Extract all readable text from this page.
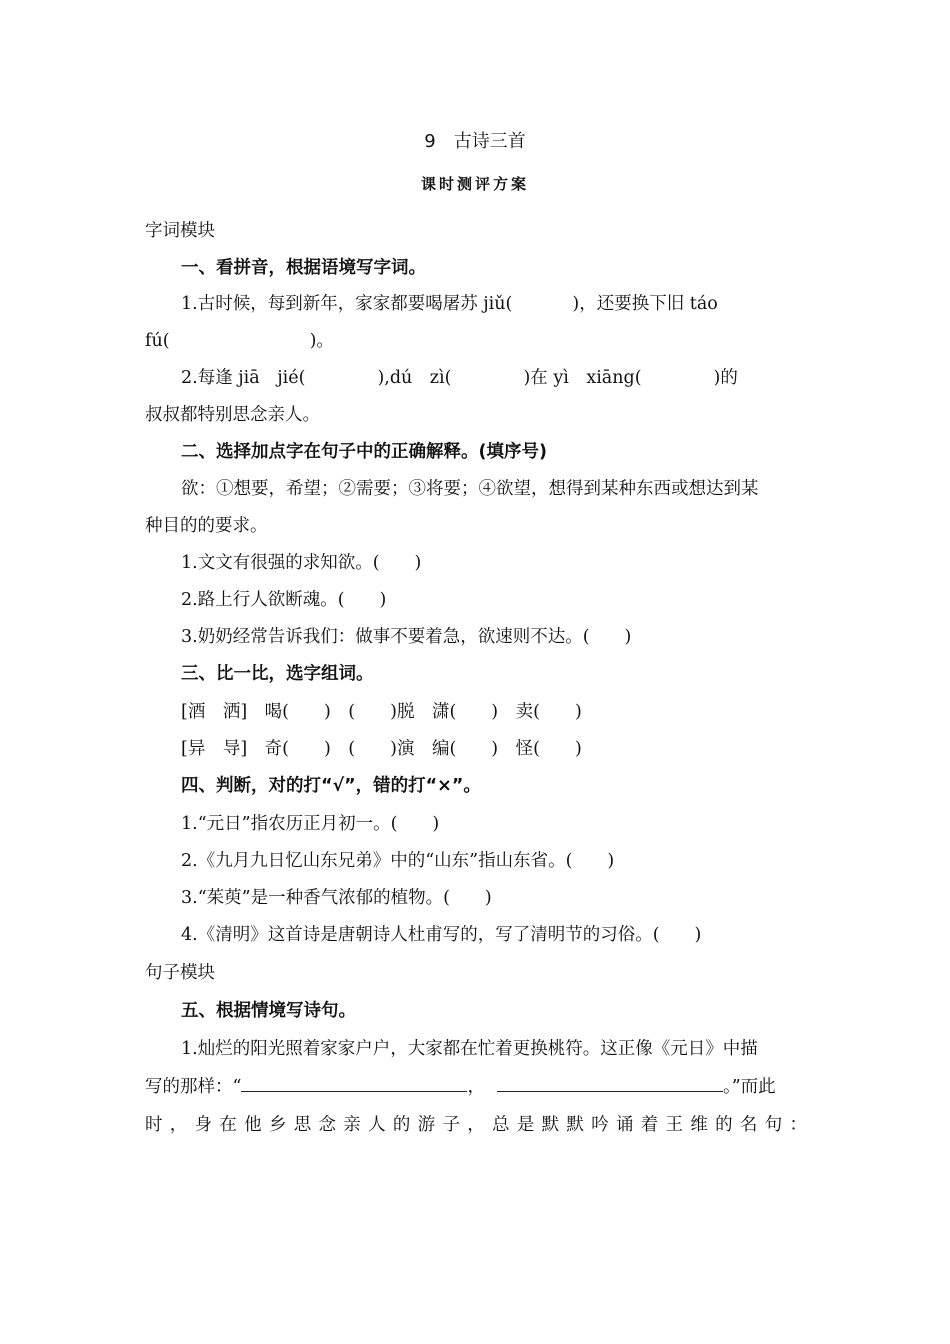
9　古诗三首
课时测评方案
字词模块
一、看拼音，根据语境写字词。
1.古时候，每到新年，家家都要喝屠苏 jiǔ(	)，还要换下旧 táo
fú(	)。
2.每逢 jiā　jié(	),dú　zì(	)在 yì　xiāng(	)的
叔叔都特别思念亲人。
二、选择加点字在句子中的正确解释。(填序号)
欲：①想要，希望；②需要；③将要；④欲望，想得到某种东西或想达到某
种目的的要求。
1.文文有很强的求知欲。(　　)
2.路上行人欲断魂。(　　)
3.奶奶经常告诉我们：做事不要着急，欲速则不达。(　　)
三、比一比，选字组词。
[酒　洒]　喝(　　)　(　　)脱　潇(　　)　卖(　　)
[异　导]　奇(　　)　(　　)演　编(　　)　怪(　　)
四、判断，对的打“√”，错的打“×”。
1.“元日”指农历正月初一。(　　)
2.《九月九日忆山东兄弟》中的“山东”指山东省。(　　)
3.“茱萸”是一种香气浓郁的植物。(　　)
4.《清明》这首诗是唐朝诗人杜甫写的，写了清明节的习俗。(　　)
句子模块
五、根据情境写诗句。
1.灿烂的阳光照着家家户户，大家都在忙着更换桃符。这正像《元日》中描
写的那样：“	，	。”而此
时，身在他乡思念亲人的游子，总是默默吟诵着王维的名句：
